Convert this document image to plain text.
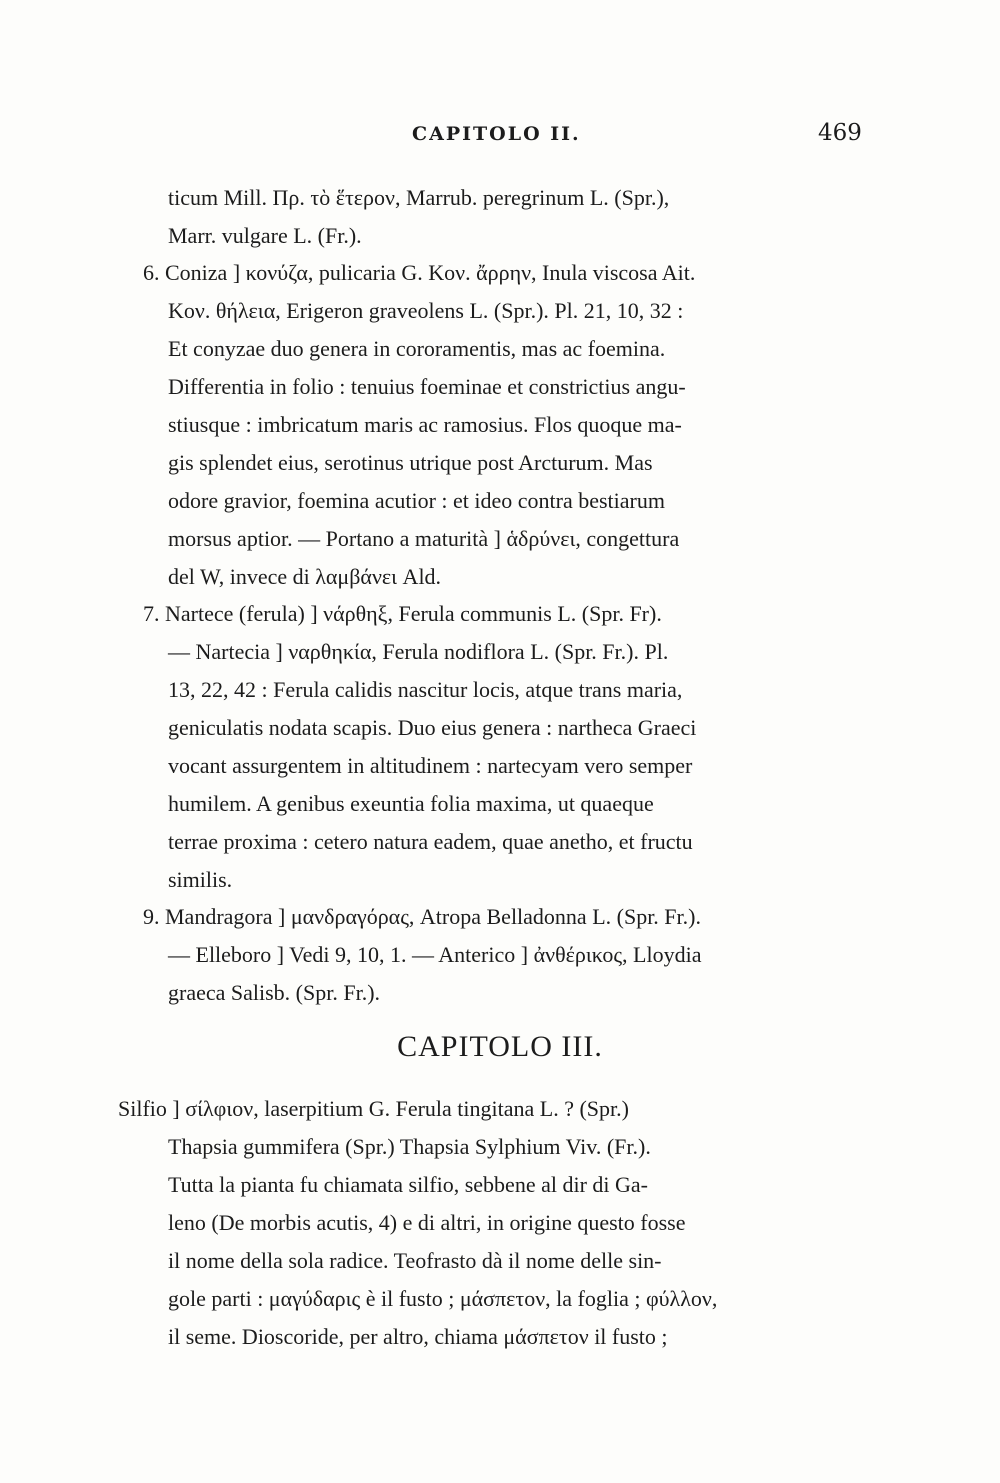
CAPITOLO II.	469
ticum Mill. Πρ. τὸ ἕτερον, Marrub. peregrinum L. (Spr.),
Marr. vulgare L. (Fr.).
6. Coniza ] κονύζα, pulicaria G. Κον. ἄρρην, Inula viscosa Ait.
Κον. θήλεια, Erigeron graveolens L. (Spr.). Pl. 21, 10, 32 :
Et conyzae duo genera in cororamentis, mas ac foemina.
Differentia in folio : tenuius foeminae et constrictius angu-
stiusque : imbricatum maris ac ramosius. Flos quoque ma-
gis splendet eius, serotinus utrique post Arcturum. Mas
odore gravior, foemina acutior : et ideo contra bestiarum
morsus aptior. — Portano a maturità ] ἁδρύνει, congettura
del W, invece di λαμβάνει Ald.
7. Nartece (ferula) ] νάρθηξ, Ferula communis L. (Spr. Fr).
— Nartecia ] ναρθηκία, Ferula nodiflora L. (Spr. Fr.). Pl.
13, 22, 42 : Ferula calidis nascitur locis, atque trans maria,
geniculatis nodata scapis. Duo eius genera : narthecа Graeci
vocant assurgentem in altitudinem : nartecyam vero semper
humilem. A genibus exeuntia folia maxima, ut quaeque
terrae proxima : cetero natura eadem, quae anetho, et fructu
similis.
9. Mandragora ] μανδραγόρας, Atropa Belladonna L. (Spr. Fr.).
— Elleboro ] Vedi 9, 10, 1. — Anterico ] ἀνθέρικος, Lloydia
graeca Salisb. (Spr. Fr.).
CAPITOLO III.
Silfio ] σίλφιον, laserpitium G. Ferula tingitana L. ? (Spr.)
Thapsia gummifera (Spr.) Thapsia Sylphium Viv. (Fr.).
Tutta la pianta fu chiamata silfio, sebbene al dir di Ga-
leno (De morbis acutis, 4) e di altri, in origine questo fosse
il nome della sola radice. Teofrasto dà il nome delle sin-
gole parti : μαγύδαρις è il fusto ; μάσπετον, la foglia ; φύλλον,
il seme. Dioscoride, per altro, chiama μάσπετον il fusto ;
